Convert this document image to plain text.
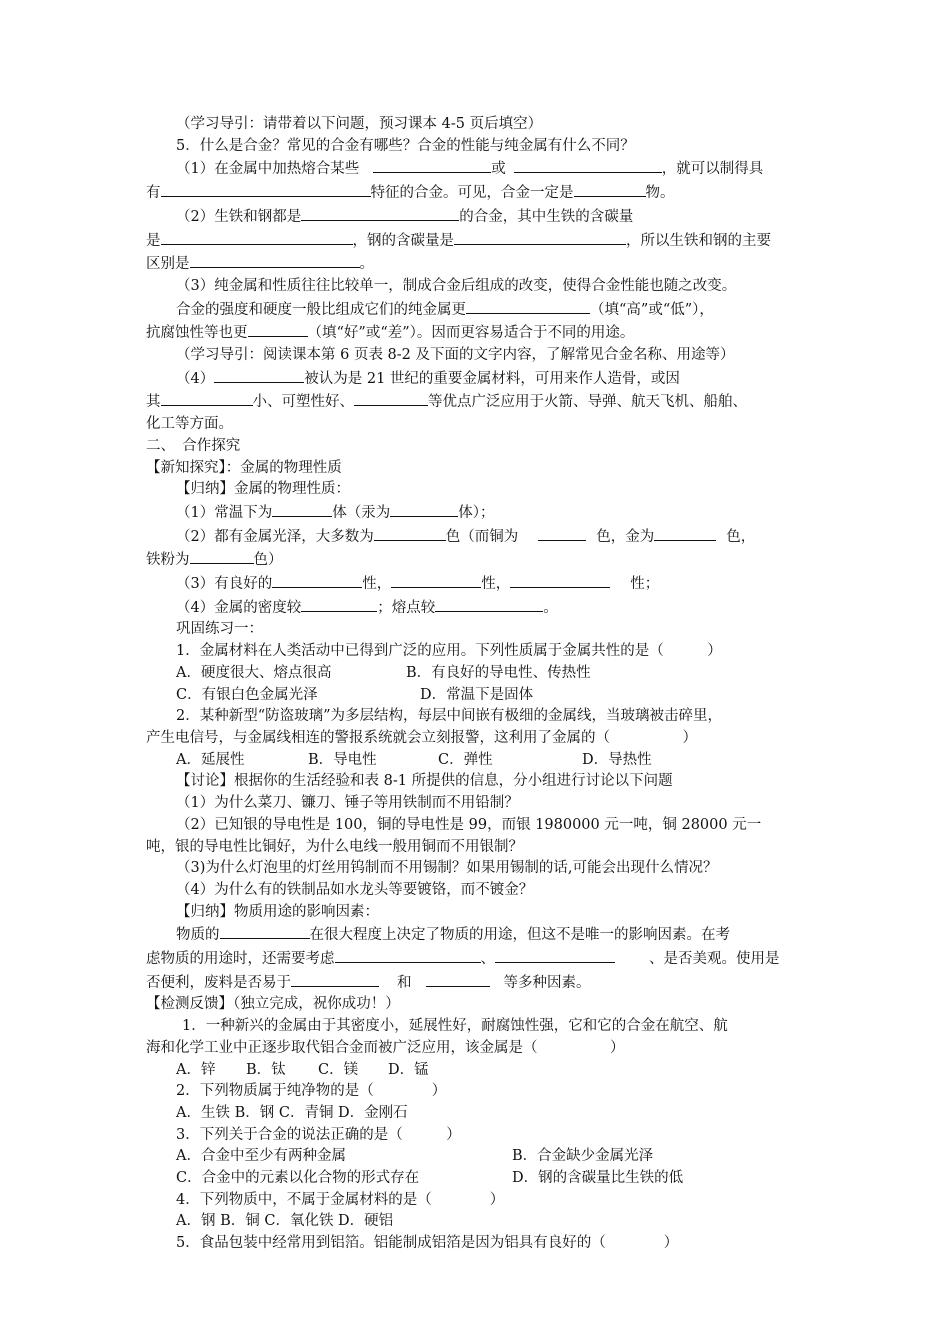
（学习导引：请带着以下问题，预习课本 4-5 页后填空）

5．什么是合金？常见的合金有哪些？合金的性能与纯金属有什么不同？

（1）在金属中加热熔合某些	或	，就可以制得具

有	特征的合金。可见，合金一定是	物。

（2）生铁和钢都是	的合金，其中生铁的含碳量

是	，钢的含碳量是	，所以生铁和钢的主要

区别是	。

（3）纯金属和性质往往比较单一，制成合金后组成的改变，使得合金性能也随之改变。

合金的强度和硬度一般比组成它们的纯金属更	（填“高”或“低”），

抗腐蚀性等也更	（填“好”或“差”）。因而更容易适合于不同的用途。

（学习导引：阅读课本第 6 页表 8-2 及下面的文字内容，了解常见合金名称、用途等）

（4）	被认为是 21 世纪的重要金属材料，可用来作人造骨，或因

其	小、可塑性好、	等优点广泛应用于火箭、导弹、航天飞机、船舶、

化工等方面。

二、　合作探究

【新知探究】：金属的物理性质

【归纳】金属的物理性质：

（1）常温下为	体（汞为	体）；

（2）都有金属光泽，大多数为	色（而铜为	色，金为	色，

铁粉为	色）

（3）有良好的	性，	性，	性；

（4）金属的密度较	；熔点较	。

巩固练习一：

1．金属材料在人类活动中已得到广泛的应用。下列性质属于金属共性的是（　　　）

A．硬度很大、熔点很高	B．有良好的导电性、传热性

C．有银白色金属光泽	D．常温下是固体

2．某种新型“防盗玻璃”为多层结构，每层中间嵌有极细的金属线，当玻璃被击碎里，

产生电信号，与金属线相连的警报系统就会立刻报警，这利用了金属的（　　　　　）

A．延展性	B．导电性	C．弹性	D．导热性

【讨论】根据你的生活经验和表 8-1 所提供的信息，分小组进行讨论以下问题

（1）为什么菜刀、镰刀、锤子等用铁制而不用铅制？

（2）已知银的导电性是 100，铜的导电性是 99，而银 1980000 元一吨，铜 28000 元一

吨，银的导电性比铜好，为什么电线一般用铜而不用银制？

（3)为什么灯泡里的灯丝用钨制而不用锡制？如果用锡制的话,可能会出现什么情况？

（4）为什么有的铁制品如水龙头等要镀铬，而不镀金？

【归纳】物质用途的影响因素：

物质的	在很大程度上决定了物质的用途，但这不是唯一的影响因素。在考

虑物质的用途时，还需要考虑	、	、是否美观。使用是

否便利，废料是否易于	和	等多种因素。

【检测反馈】（独立完成，祝你成功！）

1．一种新兴的金属由于其密度小，延展性好，耐腐蚀性强，它和它的合金在航空、航

海和化学工业中正逐步取代铝合金而被广泛应用，该金属是（　　　　　）

A．锌 B．钛 C．镁 D．锰

2．下列物质属于纯净物的是（　　　　）

A．生铁 B．钢 C．青铜 D．金刚石

3．下列关于合金的说法正确的是（　　　）

A．合金中至少有两种金属	B．合金缺少金属光泽

C．合金中的元素以化合物的形式存在	D．钢的含碳量比生铁的低

4．下列物质中，不属于金属材料的是（　　　　）

A．钢 B．铜 C．氧化铁 D．硬铝

5．食品包装中经常用到铝箔。铝能制成铝箔是因为铝具有良好的（　　　　）
